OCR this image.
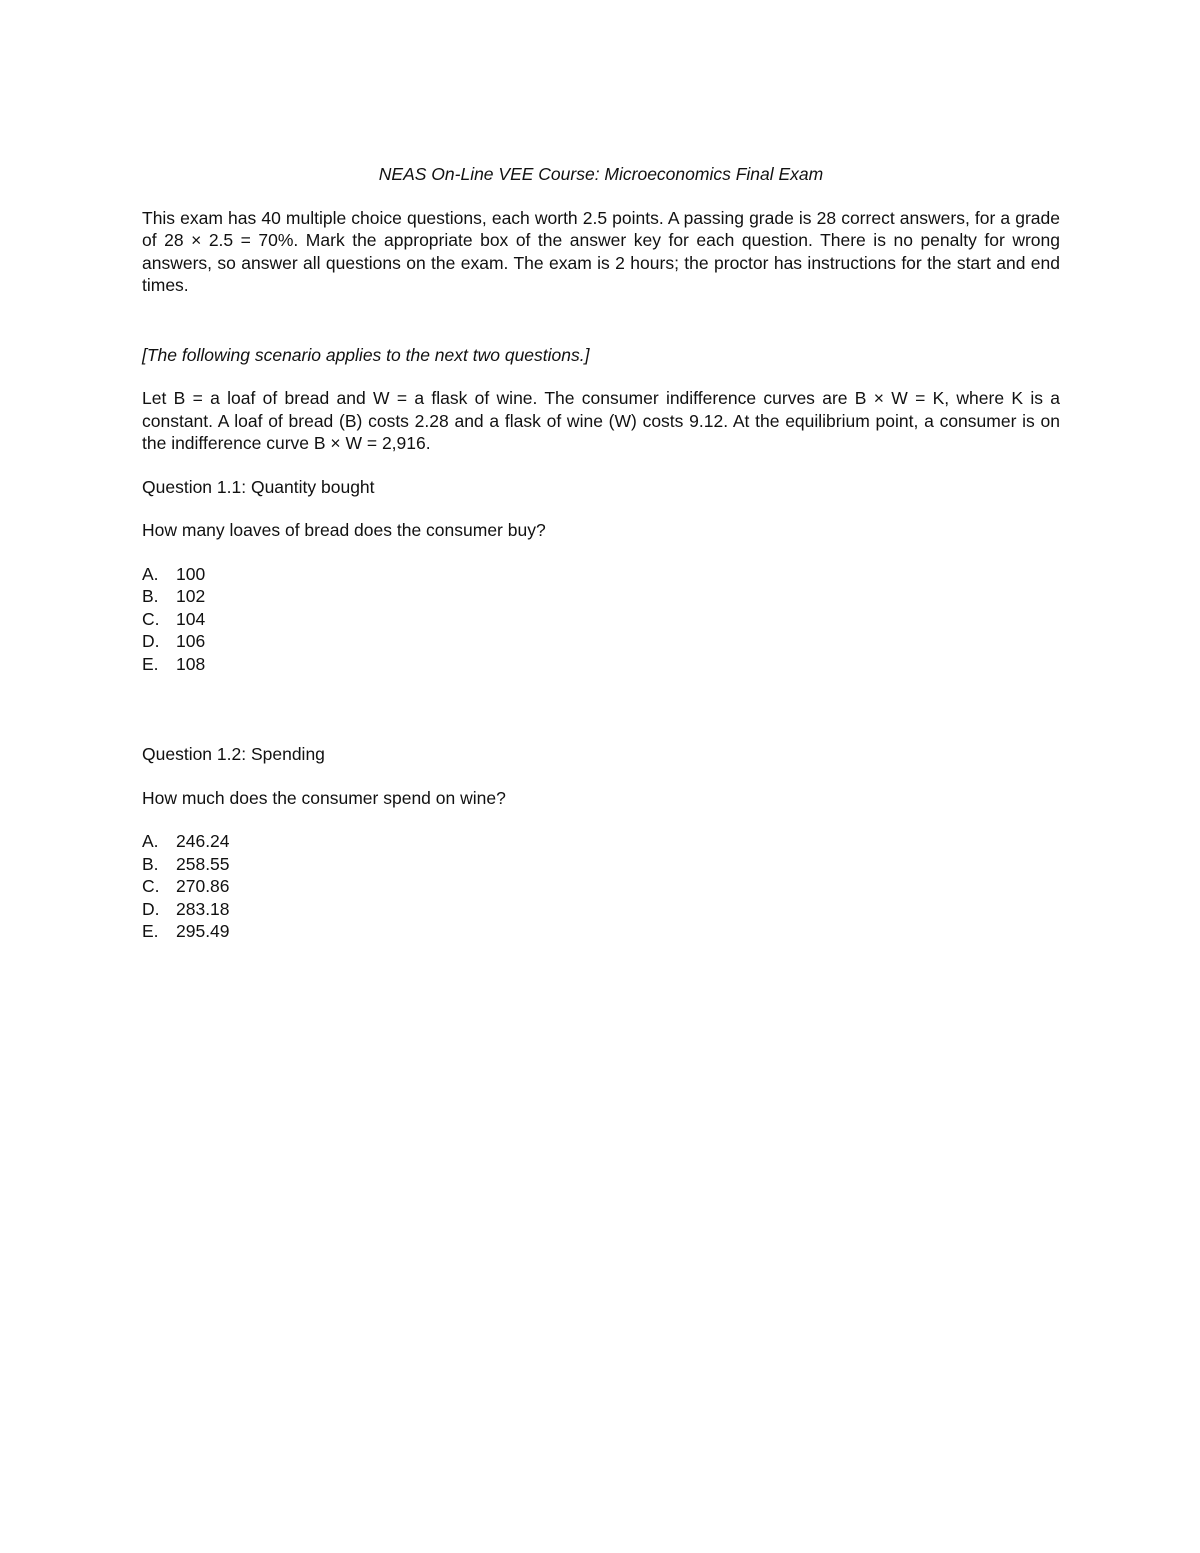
NEAS On-Line VEE Course: Microeconomics Final Exam

This exam has 40 multiple choice questions, each worth 2.5 points. A passing grade is 28 correct answers, for a grade of 28 × 2.5 = 70%. Mark the appropriate box of the answer key for each question. There is no penalty for wrong answers, so answer all questions on the exam. The exam is 2 hours; the proctor has instructions for the start and end times.

[The following scenario applies to the next two questions.]

Let B = a loaf of bread and W = a flask of wine. The consumer indifference curves are B × W = K, where K is a constant. A loaf of bread (B) costs 2.28 and a flask of wine (W) costs 9.12. At the equilibrium point, a consumer is on the indifference curve B × W = 2,916.

Question 1.1: Quantity bought

How many loaves of bread does the consumer buy?

A. 100
B. 102
C. 104
D. 106
E. 108

Question 1.2: Spending

How much does the consumer spend on wine?

A. 246.24
B. 258.55
C. 270.86
D. 283.18
E. 295.49
